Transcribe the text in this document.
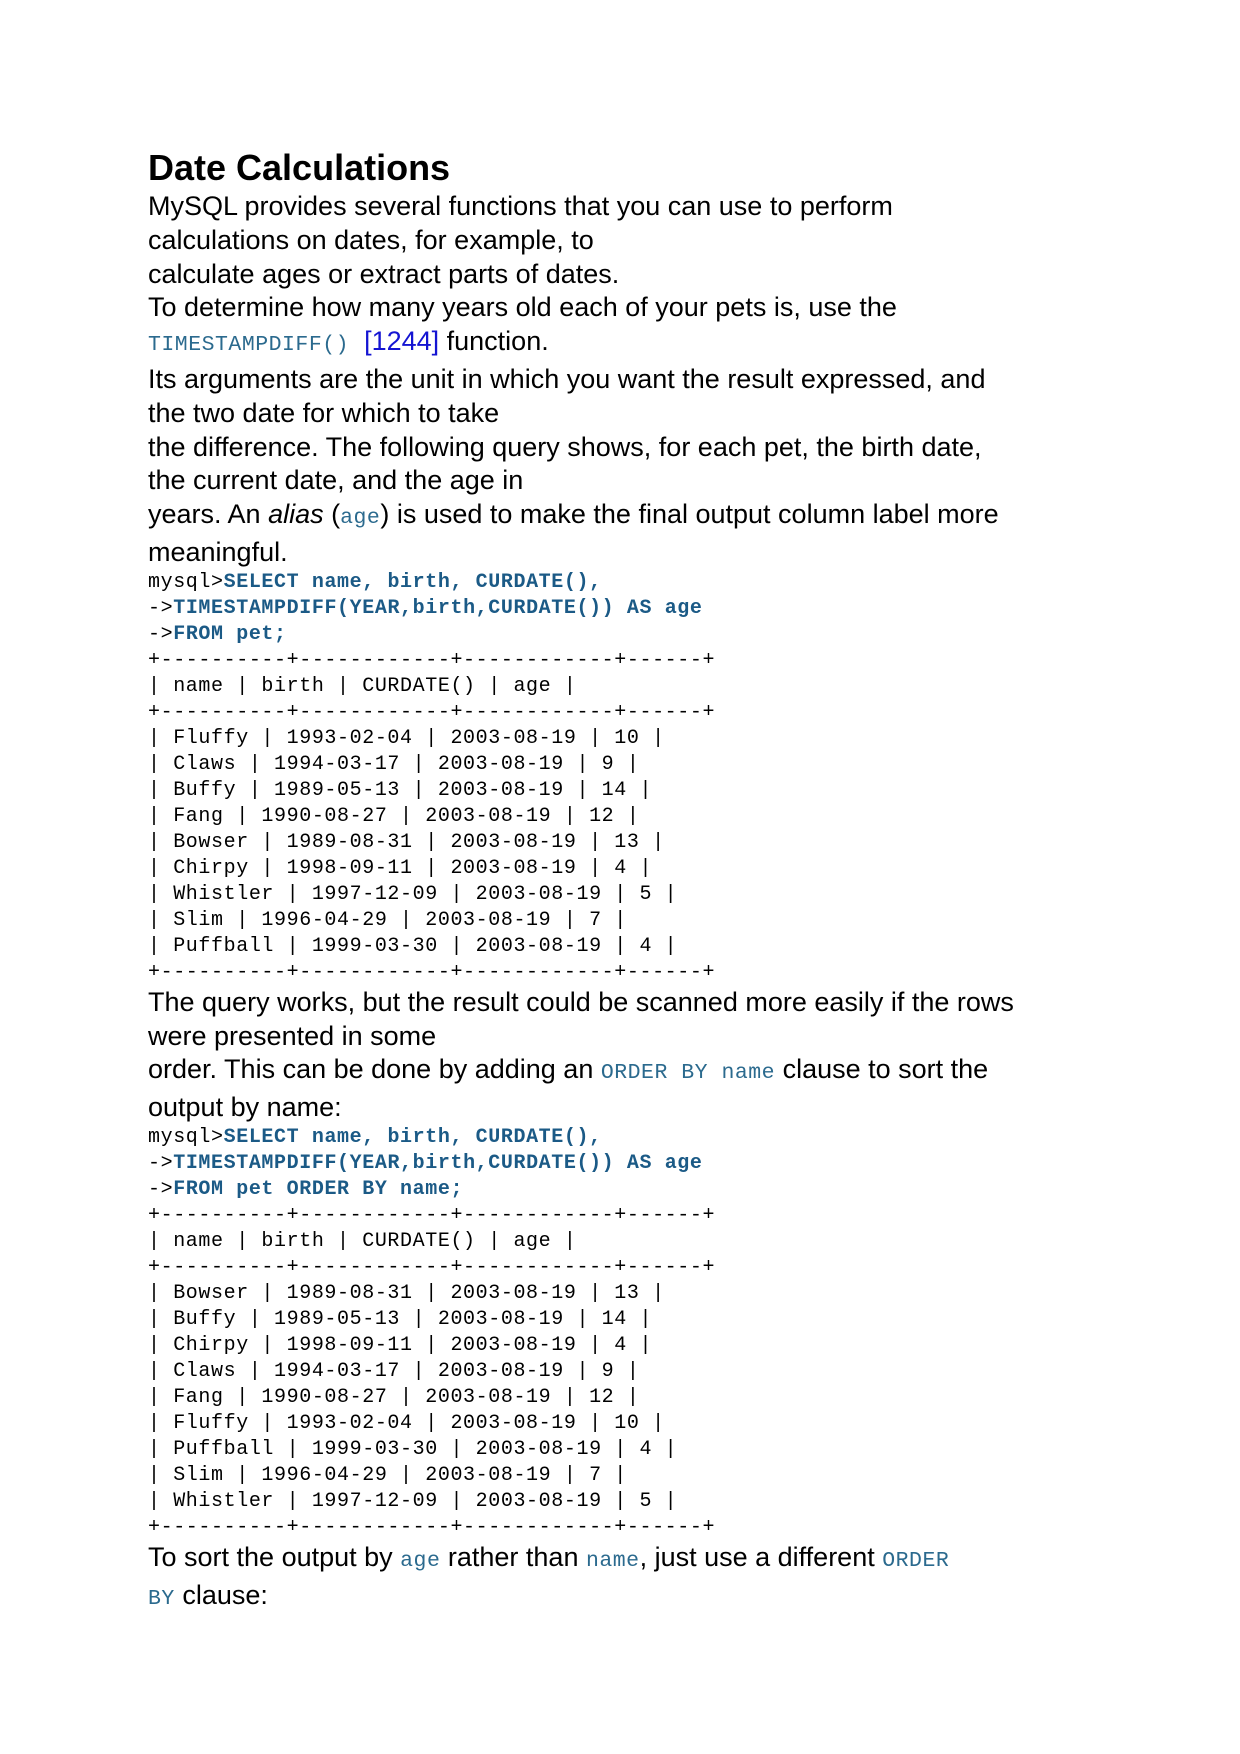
Date Calculations

MySQL provides several functions that you can use to perform

calculations on dates, for example, to

calculate ages or extract parts of dates.

To determine how many years old each of your pets is, use the

TIMESTAMPDIFF() [1244] function.

Its arguments are the unit in which you want the result expressed, and

the two date for which to take

the difference. The following query shows, for each pet, the birth date,

the current date, and the age in

years. An alias (age) is used to make the final output column label more

meaningful.

mysql>SELECT name, birth, CURDATE(),

->TIMESTAMPDIFF(YEAR,birth,CURDATE()) AS age

->FROM pet;

+----------+------------+------------+------+

| name | birth | CURDATE() | age |

+----------+------------+------------+------+

| Fluffy | 1993-02-04 | 2003-08-19 | 10 |

| Claws | 1994-03-17 | 2003-08-19 | 9 |

| Buffy | 1989-05-13 | 2003-08-19 | 14 |

| Fang | 1990-08-27 | 2003-08-19 | 12 |

| Bowser | 1989-08-31 | 2003-08-19 | 13 |

| Chirpy | 1998-09-11 | 2003-08-19 | 4 |

| Whistler | 1997-12-09 | 2003-08-19 | 5 |

| Slim | 1996-04-29 | 2003-08-19 | 7 |

| Puffball | 1999-03-30 | 2003-08-19 | 4 |

+----------+------------+------------+------+

The query works, but the result could be scanned more easily if the rows

were presented in some

order. This can be done by adding an ORDER BY name clause to sort the

output by name:

mysql>SELECT name, birth, CURDATE(),

->TIMESTAMPDIFF(YEAR,birth,CURDATE()) AS age

->FROM pet ORDER BY name;

+----------+------------+------------+------+

| name | birth | CURDATE() | age |

+----------+------------+------------+------+

| Bowser | 1989-08-31 | 2003-08-19 | 13 |

| Buffy | 1989-05-13 | 2003-08-19 | 14 |

| Chirpy | 1998-09-11 | 2003-08-19 | 4 |

| Claws | 1994-03-17 | 2003-08-19 | 9 |

| Fang | 1990-08-27 | 2003-08-19 | 12 |

| Fluffy | 1993-02-04 | 2003-08-19 | 10 |

| Puffball | 1999-03-30 | 2003-08-19 | 4 |

| Slim | 1996-04-29 | 2003-08-19 | 7 |

| Whistler | 1997-12-09 | 2003-08-19 | 5 |

+----------+------------+------------+------+

To sort the output by age rather than name, just use a different ORDER

BY clause:
